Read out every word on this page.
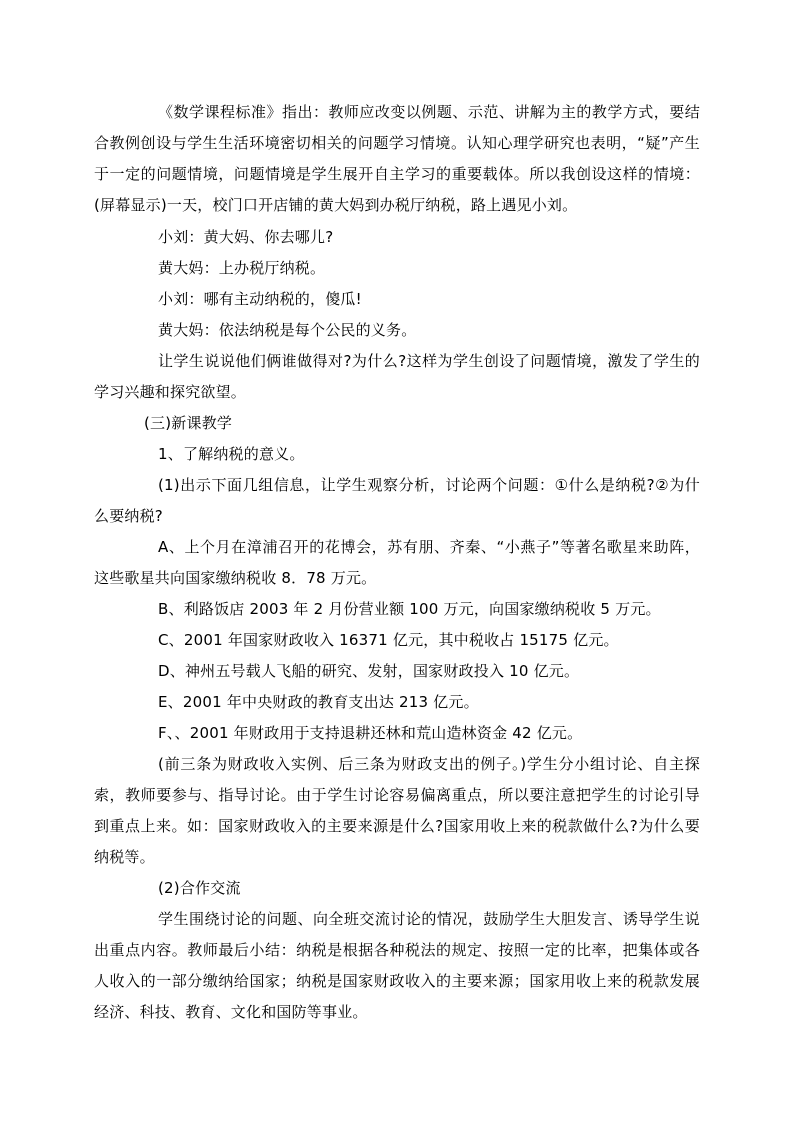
《数学课程标准》指出：教师应改变以例题、示范、讲解为主的教学方式，要结合教例创设与学生生活环境密切相关的问题学习情境。认知心理学研究也表明，“疑”产生于一定的问题情境，问题情境是学生展开自主学习的重要载体。所以我创设这样的情境：(屏幕显示)一天，校门口开店铺的黄大妈到办税厅纳税，路上遇见小刘。

小刘：黄大妈、你去哪儿?

黄大妈：上办税厅纳税。

小刘：哪有主动纳税的，傻瓜!

黄大妈：依法纳税是每个公民的义务。

让学生说说他们俩谁做得对?为什么?这样为学生创设了问题情境，激发了学生的学习兴趣和探究欲望。

(三)新课教学

1、了解纳税的意义。

(1)出示下面几组信息，让学生观察分析，讨论两个问题：①什么是纳税?②为什么要纳税?

A、上个月在漳浦召开的花博会，苏有朋、齐秦、“小燕子”等著名歌星来助阵，这些歌星共向国家缴纳税收 8．78 万元。

B、利路饭店 2003 年 2 月份营业额 100 万元，向国家缴纳税收 5 万元。

C、2001 年国家财政收入 16371 亿元，其中税收占 15175 亿元。

D、神州五号载人飞船的研究、发射，国家财政投入 10 亿元。

E、2001 年中央财政的教育支出达 213 亿元。

F、、2001 年财政用于支持退耕还林和荒山造林资金 42 亿元。

(前三条为财政收入实例、后三条为财政支出的例子。)学生分小组讨论、自主探索，教师要参与、指导讨论。由于学生讨论容易偏离重点，所以要注意把学生的讨论引导到重点上来。如：国家财政收入的主要来源是什么?国家用收上来的税款做什么?为什么要纳税等。

(2)合作交流

学生围绕讨论的问题、向全班交流讨论的情况，鼓励学生大胆发言、诱导学生说出重点内容。教师最后小结：纳税是根据各种税法的规定、按照一定的比率，把集体或各人收入的一部分缴纳给国家；纳税是国家财政收入的主要来源；国家用收上来的税款发展经济、科技、教育、文化和国防等事业。
